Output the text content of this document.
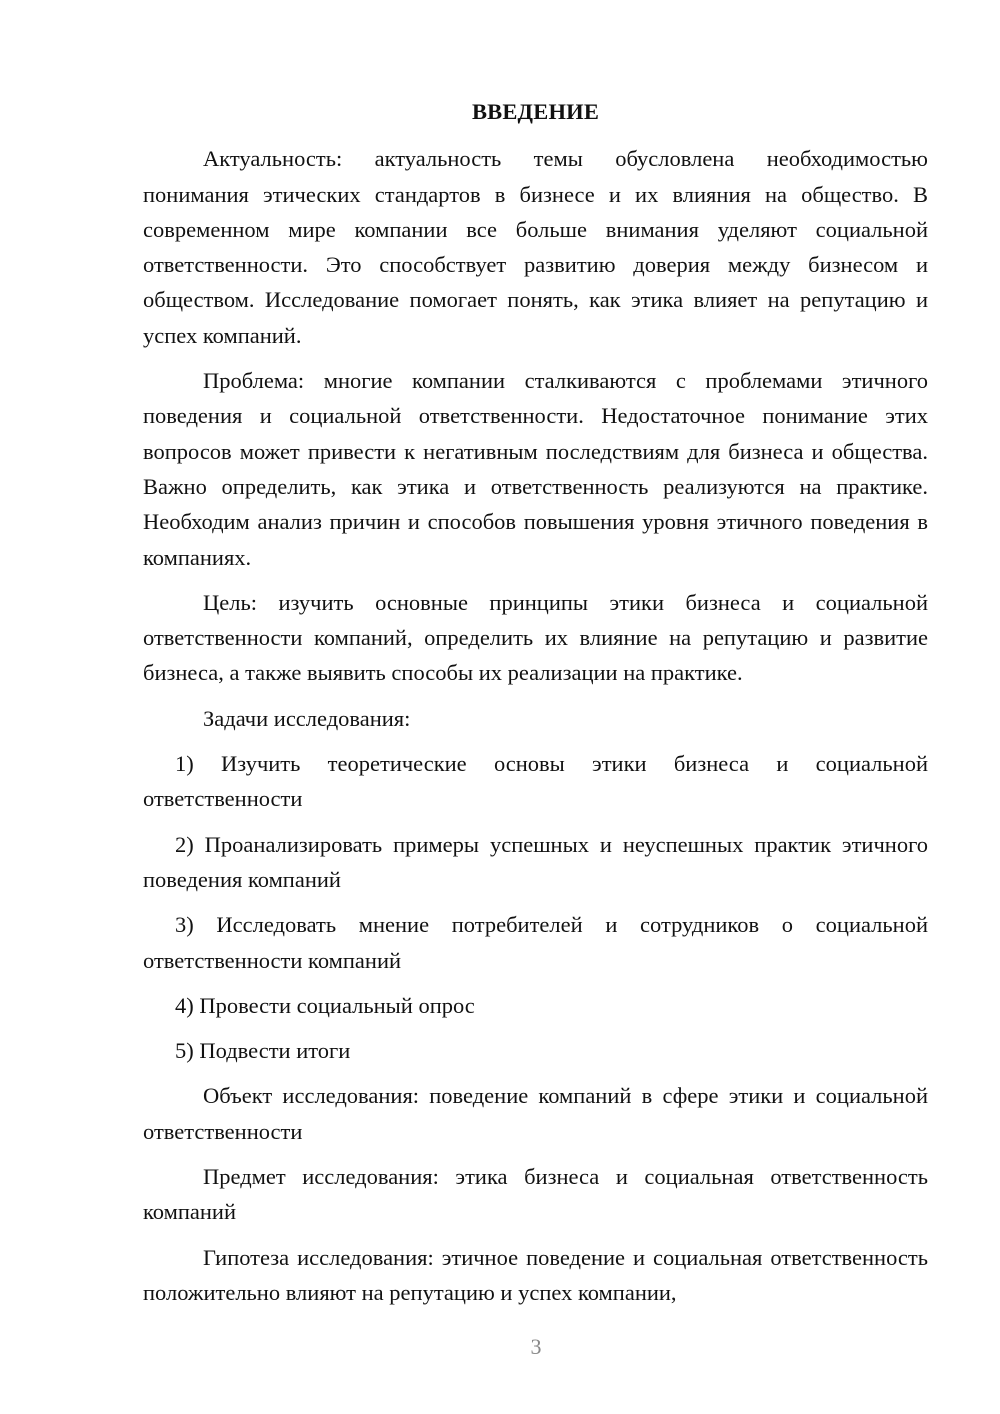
ВВЕДЕНИЕ

Актуальность: актуальность темы обусловлена необходимостью понимания этических стандартов в бизнесе и их влияния на общество. В современном мире компании все больше внимания уделяют социальной ответственности. Это способствует развитию доверия между бизнесом и обществом. Исследование помогает понять, как этика влияет на репутацию и успех компаний.

Проблема: многие компании сталкиваются с проблемами этичного поведения и социальной ответственности. Недостаточное понимание этих вопросов может привести к негативным последствиям для бизнеса и общества. Важно определить, как этика и ответственность реализуются на практике. Необходим анализ причин и способов повышения уровня этичного поведения в компаниях.

Цель: изучить основные принципы этики бизнеса и социальной ответственности компаний, определить их влияние на репутацию и развитие бизнеса, а также выявить способы их реализации на практике.

Задачи исследования:

1) Изучить теоретические основы этики бизнеса и социальной ответственности

2) Проанализировать примеры успешных и неуспешных практик этичного поведения компаний

3) Исследовать мнение потребителей и сотрудников о социальной ответственности компаний

4) Провести социальный опрос

5) Подвести итоги

Объект исследования: поведение компаний в сфере этики и социальной ответственности

Предмет исследования: этика бизнеса и социальная ответственность компаний

Гипотеза исследования: этичное поведение и социальная ответственность положительно влияют на репутацию и успех компании,

3
